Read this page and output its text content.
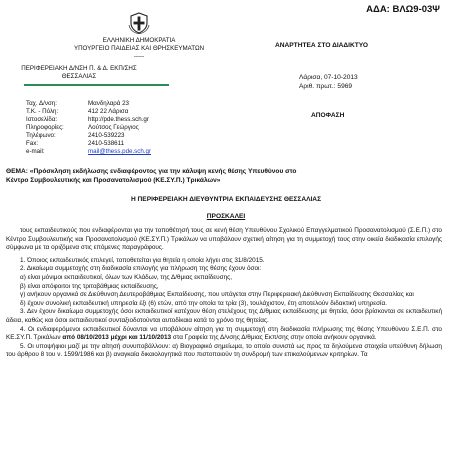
ΑΔΑ: ΒΛΩ9-03Ψ
ΕΛΛΗΝΙΚΗ ΔΗΜΟΚΡΑΤΙΑ
ΥΠΟΥΡΓΕΙΟ ΠΑΙΔΕΙΑΣ ΚΑΙ ΘΡΗΣΚΕΥΜΑΤΩΝ
-----
ΠΕΡΙΦΕΡΕΙΑΚΗ Δ/ΝΣΗ Π. & Δ. ΕΚΠ/ΣΗΣ
ΘΕΣΣΑΛΙΑΣ
ΑΝΑΡΤΗΤΕΑ ΣΤΟ ΔΙΑΔΙΚΤΥΟ
Λάρισα, 07-10-2013
Αριθ. πρωτ.: 5969
ΑΠΟΦΑΣΗ
Ταχ. Δ/νση:	Μανδηλαρά 23
Τ.Κ. - Πόλη:	412 22 Λάρισα
Ιστοσελίδα:	http://pde.thess.sch.gr
Πληροφορίες:	Λούτσος Γεώργιος
Τηλέφωνο:	2410-539223
Fax:	2410-538611
e-mail:	mail@thess.pde.sch.gr
ΘΕΜΑ: «Πρόσκληση εκδήλωσης ενδιαφέροντος για την κάλυψη κενής θέσης Υπευθύνου στο
Κέντρο Συμβουλευτικής και Προσανατολισμού (ΚΕ.ΣΥ.Π.) Τρικάλων»
Η ΠΕΡΙΦΕΡΕΙΑΚΗ ΔΙΕΥΘΥΝΤΡΙΑ ΕΚΠΑΙΔΕΥΣΗΣ ΘΕΣΣΑΛΙΑΣ
ΠΡΟΣΚΑΛΕΙ

τους εκπαιδευτικούς που ενδιαφέρονται για την τοποθέτησή τους σε κενή θέση Υπευθύνου Σχολικού Επαγγελματικού Προσανατολισμού (Σ.Ε.Π.) στο Κέντρο Συμβουλευτικής και Προσανατολισμού (ΚΕ.ΣΥ.Π.) Τρικάλων να υποβάλουν σχετική αίτηση για τη συμμετοχή τους στην οικεία διαδικασία επιλογής σύμφωνα με τα οριζόμενα στις επόμενες παραγράφους.

1. Όποιος εκπαιδευτικός επιλεγεί, τοποθετείται για θητεία η οποία λήγει στις 31/8/2015.

2. Δικαίωμα συμμετοχής στη διαδικασία επιλογής για πλήρωση της θέσης έχουν όσοι:

α) είναι μόνιμοι εκπαιδευτικοί, όλων των Κλάδων, της Δ/θμιας εκπαίδευσης,

β) είναι απόφοιτοι της τριτοβάθμιας εκπαίδευσης,

γ) ανήκουν οργανικά σε Διεύθυνση Δευτεροβάθμιας Εκπαίδευσης, που υπάγεται στην Περιφερειακή Διεύθυνση Εκπαίδευσης Θεσσαλίας και

δ) έχουν συνολική εκπαιδευτική υπηρεσία έξι (6) ετών, από την οποία τα τρία (3), τουλάχιστον, έτη αποτελούν διδακτική υπηρεσία.

3. Δεν έχουν δικαίωμα συμμετοχής όσοι εκπαιδευτικοί κατέχουν θέση στελέχους της Δ/θμιας εκπαίδευσης με θητεία, όσοι βρίσκονται σε εκπαιδευτική άδεια, καθώς και όσοι εκπαιδευτικοί συνταξιοδοτούνται αυτοδίκαια κατά το χρόνο της θητείας.

4. Οι ενδιαφερόμενοι εκπαιδευτικοί δύνανται να υποβάλουν αίτηση για τη συμμετοχή στη διαδικασία πλήρωσης της θέσης Υπευθύνου Σ.Ε.Π. στο ΚΕ.ΣΥ.Π. Τρικάλων από 08/10/2013 μέχρι και 11/10/2013 στα Γραφεία της Δ/νσης Δ/θμιας Εκπ/σης στην οποία ανήκουν οργανικά.

5. Οι υποψήφιοι μαζί με την αίτησή συνυποβάλλουν: α) Βιογραφικό σημείωμα, το οποίο συνιστά ως προς τα δηλούμενα στοιχεία υπεύθυνη δήλωση του άρθρου 8 του ν. 1599/1986 και β) αναγκαία δικαιολογητικά που πιστοποιούν τη συνδρομή των επικαλούμενων κριτηρίων. Τα
